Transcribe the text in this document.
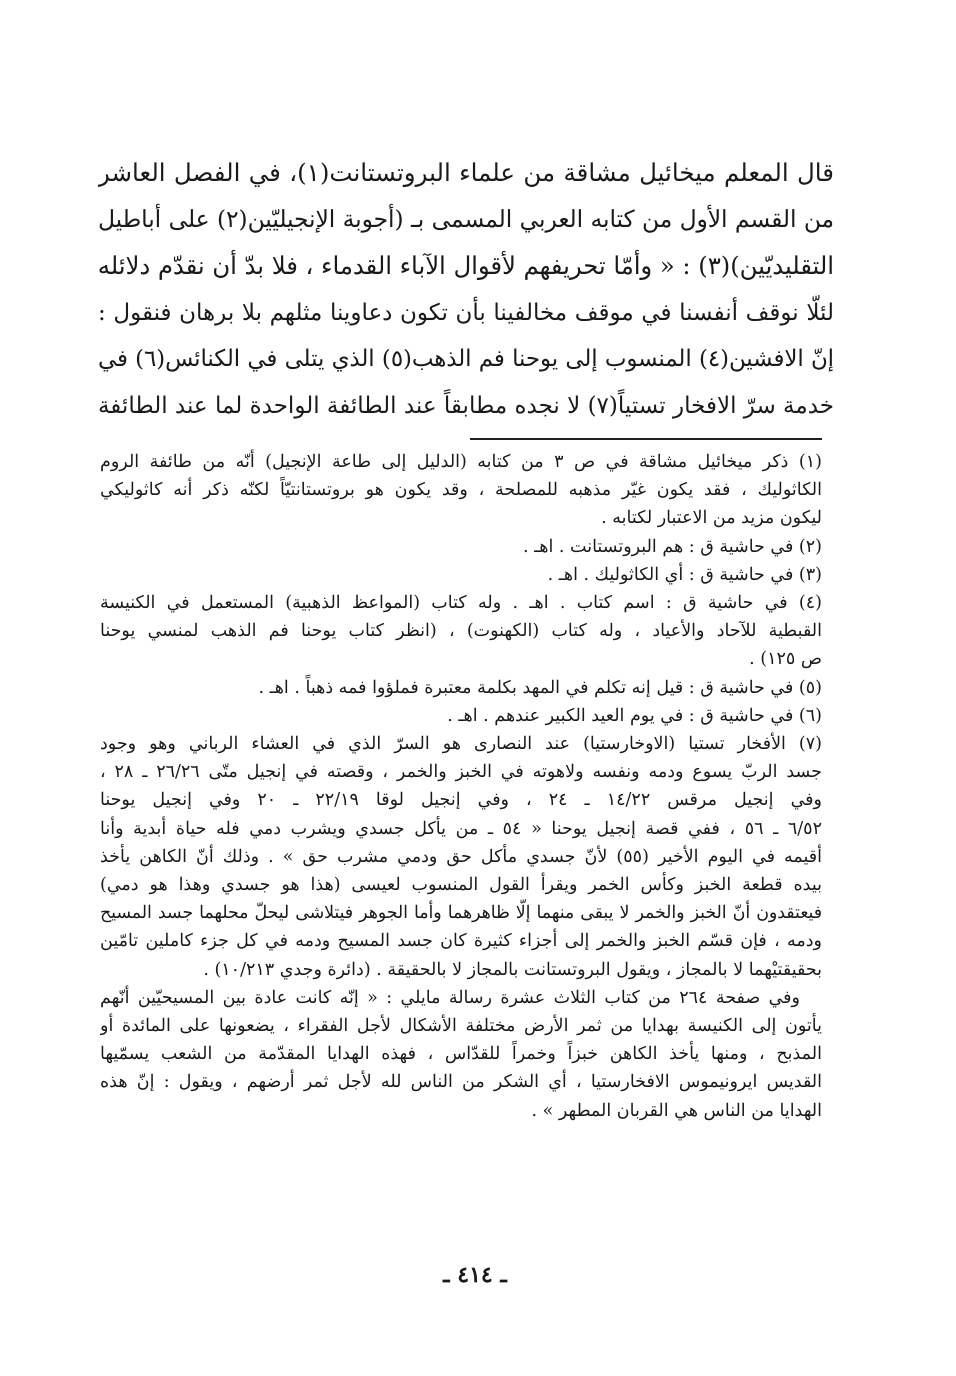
قال المعلم ميخائيل مشاقة من علماء البروتستانت(١)، في الفصل العاشر

من القسم الأول من كتابه العربي المسمى بـ (أجوبة الإنجيليّين(٢) على أباطيل

التقليديّين)(٣) : « وأمّا تحريفهم لأقوال الآباء القدماء ، فلا بدّ أن نقدّم دلائله

لئلّا نوقف أنفسنا في موقف مخالفينا بأن تكون دعاوينا مثلهم بلا برهان فنقول :

إنّ الافشين(٤) المنسوب إلى يوحنا فم الذهب(٥) الذي يتلى في الكنائس(٦) في

خدمة سرّ الافخار تستياً(٧) لا نجده مطابقاً عند الطائفة الواحدة لما عند الطائفة

(١) ذكر ميخائيل مشاقة في ص ٣ من كتابه (الدليل إلى طاعة الإنجيل) أنّه من طائفة الروم

الكاثوليك ، فقد يكون غيّر مذهبه للمصلحة ، وقد يكون هو بروتستانتيّاً لكنّه ذكر أنه كاثوليكي

ليكون مزيد من الاعتبار لكتابه .

(٢) في حاشية ق : هم البروتستانت . اهـ .

(٣) في حاشية ق : أي الكاثوليك . اهـ .

(٤) في حاشية ق : اسم كتاب . اهـ . وله كتاب (المواعظ الذهبية) المستعمل في الكنيسة

القبطية للآحاد والأعياد ، وله كتاب (الكهنوت) ، (انظر كتاب يوحنا فم الذهب لمنسي يوحنا

ص ١٢٥) .

(٥) في حاشية ق : قيل إنه تكلم في المهد بكلمة معتبرة فملؤوا فمه ذهباً . اهـ .

(٦) في حاشية ق : في يوم العيد الكبير عندهم . اهـ .

(٧) الأفخار تستيا (الاوخارستيا) عند النصارى هو السرّ الذي في العشاء الرباني وهو وجود

جسد الربّ يسوع ودمه ونفسه ولاهوته في الخبز والخمر ، وقصته في إنجيل متّى ٢٦/٢٦ ـ ٢٨ ،

وفي إنجيل مرقس ١٤/٢٢ ـ ٢٤ ، وفي إنجيل لوقا ٢٢/١٩ ـ ٢٠ وفي إنجيل يوحنا

٦/٥٢ ـ ٥٦ ، ففي قصة إنجيل يوحنا « ٥٤ ـ من يأكل جسدي ويشرب دمي فله حياة أبدية وأنا

أقيمه في اليوم الأخير (٥٥) لأنّ جسدي مأكل حق ودمي مشرب حق » . وذلك أنّ الكاهن يأخذ

بيده قطعة الخبز وكأس الخمر ويقرأ القول المنسوب لعيسى (هذا هو جسدي وهذا هو دمي)

فيعتقدون أنّ الخبز والخمر لا يبقى منهما إلّا ظاهرهما وأما الجوهر فيتلاشى ليحلّ محلهما جسد المسيح

ودمه ، فإن قسّم الخبز والخمر إلى أجزاء كثيرة كان جسد المسيح ودمه في كل جزء كاملين تامّين

بحقيقتيْهما لا بالمجاز ، ويقول البروتستانت بالمجاز لا بالحقيقة . (دائرة وجدي ١٠/٢١٣) .

وفي صفحة ٢٦٤ من كتاب الثلاث عشرة رسالة مايلي : « إنّه كانت عادة بين المسيحيّين أنّهم

يأتون إلى الكنيسة بهدايا من ثمر الأرض مختلفة الأشكال لأجل الفقراء ، يضعونها على المائدة أو

المذبح ، ومنها يأخذ الكاهن خبزاً وخمراً للقدّاس ، فهذه الهدايا المقدّمة من الشعب يسمّيها

القديس ايرونيموس الافخارستيا ، أي الشكر من الناس لله لأجل ثمر أرضهم ، ويقول : إنّ هذه

الهدايا من الناس هي القربان المطهر » .

ـ ٤١٤ ـ
